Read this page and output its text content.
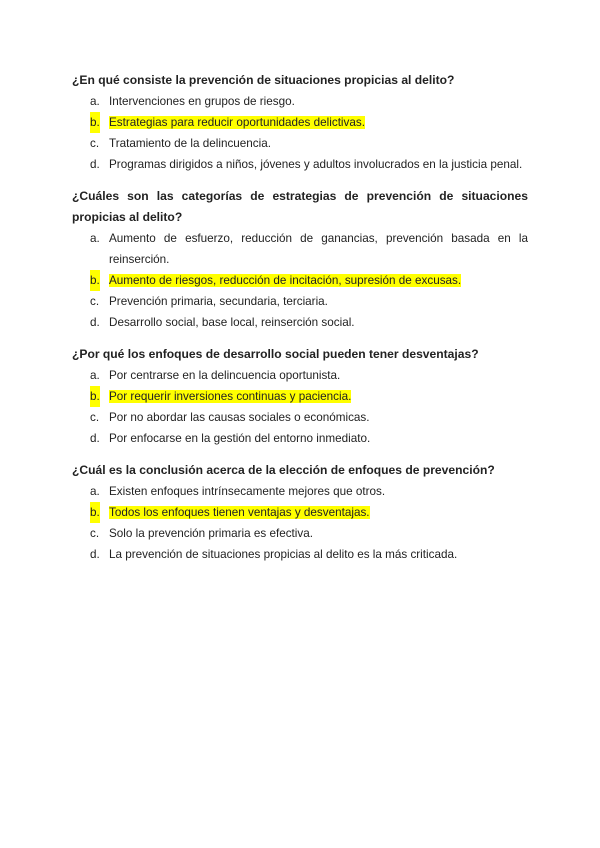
¿En qué consiste la prevención de situaciones propicias al delito?

a. Intervenciones en grupos de riesgo.
b. Estrategias para reducir oportunidades delictivas.
c. Tratamiento de la delincuencia.
d. Programas dirigidos a niños, jóvenes y adultos involucrados en la justicia penal.

¿Cuáles son las categorías de estrategias de prevención de situaciones propicias al delito?

a. Aumento de esfuerzo, reducción de ganancias, prevención basada en la reinserción.
b. Aumento de riesgos, reducción de incitación, supresión de excusas.
c. Prevención primaria, secundaria, terciaria.
d. Desarrollo social, base local, reinserción social.

¿Por qué los enfoques de desarrollo social pueden tener desventajas?

a. Por centrarse en la delincuencia oportunista.
b. Por requerir inversiones continuas y paciencia.
c. Por no abordar las causas sociales o económicas.
d. Por enfocarse en la gestión del entorno inmediato.

¿Cuál es la conclusión acerca de la elección de enfoques de prevención?

a. Existen enfoques intrínsecamente mejores que otros.
b. Todos los enfoques tienen ventajas y desventajas.
c. Solo la prevención primaria es efectiva.
d. La prevención de situaciones propicias al delito es la más criticada.
